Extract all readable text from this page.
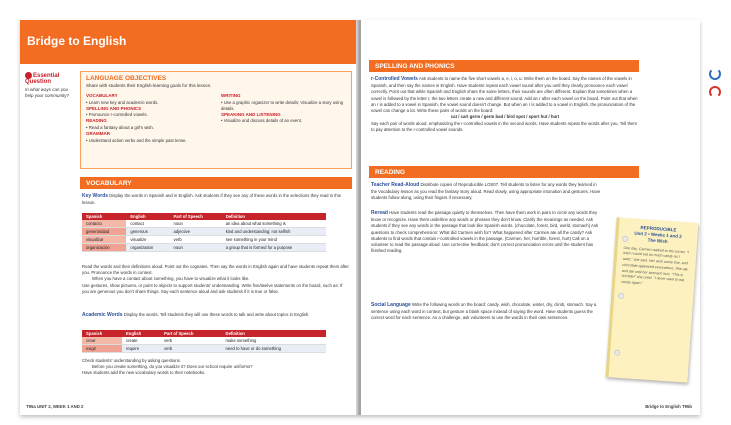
Bridge to English
Essential Question
In what ways can you help your community?
LANGUAGE OBJECTIVES
Share with students their English-learning goals for this lesson.
VOCABULARY
• Learn new key and academic words.
SPELLING AND PHONICS
• Pronounce r-controlled vowels.
READING
• Read a fantasy about a girl's wish.
GRAMMAR
• Understand action verbs and the simple past tense.
WRITING
• Use a graphic organizer to write details; Visualize a story using details.
SPEAKING AND LISTENING
• Visualize and discuss details of an event.
VOCABULARY
Key Words Display the words in Spanish and in English. Ask students if they see any of these words in the selections they read in this lesson.
Spanish	English	Part of Speech	Definition
contacto	contact	noun	an idea about what something is
generosidad	generous	adjective	kind and understanding; not selfish
visualizar	visualize	verb	see something in your mind
organización	organization	noun	a group that is formed for a purpose
Read the words and their definitions aloud. Point out the cognates. Then say the words in English again and have students repeat them after you. Pronounce the words in context.
When you have a contact about something, you have to visualize what it looks like.
Use gestures, show pictures, or point to objects to support students' understanding. Write five/twelve statements on the board, such as: If you are generous you don't share things. Say each sentence aloud and ask students if it is true or false.
Academic Words Display the words. Tell students they will use these words to talk and write about topics in English.
Spanish	English	Part of Speech	Definition
crear	create	verb	make something
exigir	require	verb	need to have or do something
Check students' understanding by asking questions.
Before you create something, do you visualize it? Does our school require uniforms?
Have students add the new vocabulary words to their notebooks.
T95a UNIT 2, WEEK 1 AND 2
SPELLING AND PHONICS
r-Controlled Vowels Ask students to name the five short vowels a, e, i, o, u. Write them on the board. Say the names of the vowels in Spanish, and then say the names in English. Have students repeat each vowel sound after you until they clearly pronounce each vowel correctly. Point out that while Spanish and English share the same letters, their sounds are often different. Explain that sometimes when a vowel is followed by the letter r, the two letters create a new and different sound. Add an r after each vowel on the board. Point out that when an r is added to a vowel in Spanish, the vowel sound doesn't change. But when an r is added to a vowel in English, the pronunciation of the vowel can change a lot. Write these pairs of words on the board:
cat / cart germ / germ bad / bird spot / sport hut / hurt
Say each pair of words aloud, emphasizing the r-controlled vowels in the second words. Have students repeat the words after you. Tell them to pay attention to the r-controlled vowel sounds.
READING
Teacher Read-Aloud Distribute copies of Reproducible LOS07. Tell students to listen for any words they learned in the Vocabulary lesson as you read the fantasy story aloud. Read slowly, using appropriate intonation and gestures. Have students follow along, using their fingers if necessary.
Reread Have students read the passage quietly to themselves. Then have them work in pairs to circle any words they know or recognize. Have them underline any words or phrases they don't know. Clarify the meanings as needed. Ask students if they see any words in the passage that look like Spanish words. (chocolate, forest, bird, world, stomach) Ask questions to check comprehension: What did Carmen wish for? What happened after Carmen ate all the candy? Ask students to find words that contain r-controlled vowels in the passage. (Carmen, her, horrible, forest, hurt) Call on a volunteer to read the passage aloud. Use corrective feedback; don't correct pronunciation errors until the student has finished reading.
Social Language Write the following words on the board: candy, wish, chocolate, winter, dry, climb, stomach. Say a sentence using each word in context, but gesture a blank space instead of saying the word. Have students guess the correct word for each sentence. As a challenge, ask volunteers to use the words in their own sentences.
REPRODUCIBLE
Unit 2 • Weeks 1 and 2
The Wish
One day, Carmen walked to the corner. "I wish I could eat as much candy as I want," she said. Her wish came true, and chocolate appeared everywhere. She ate and ate until her stomach hurt. "This is horrible!" she cried. "I never want to eat candy again."
Bridge to English T95b
